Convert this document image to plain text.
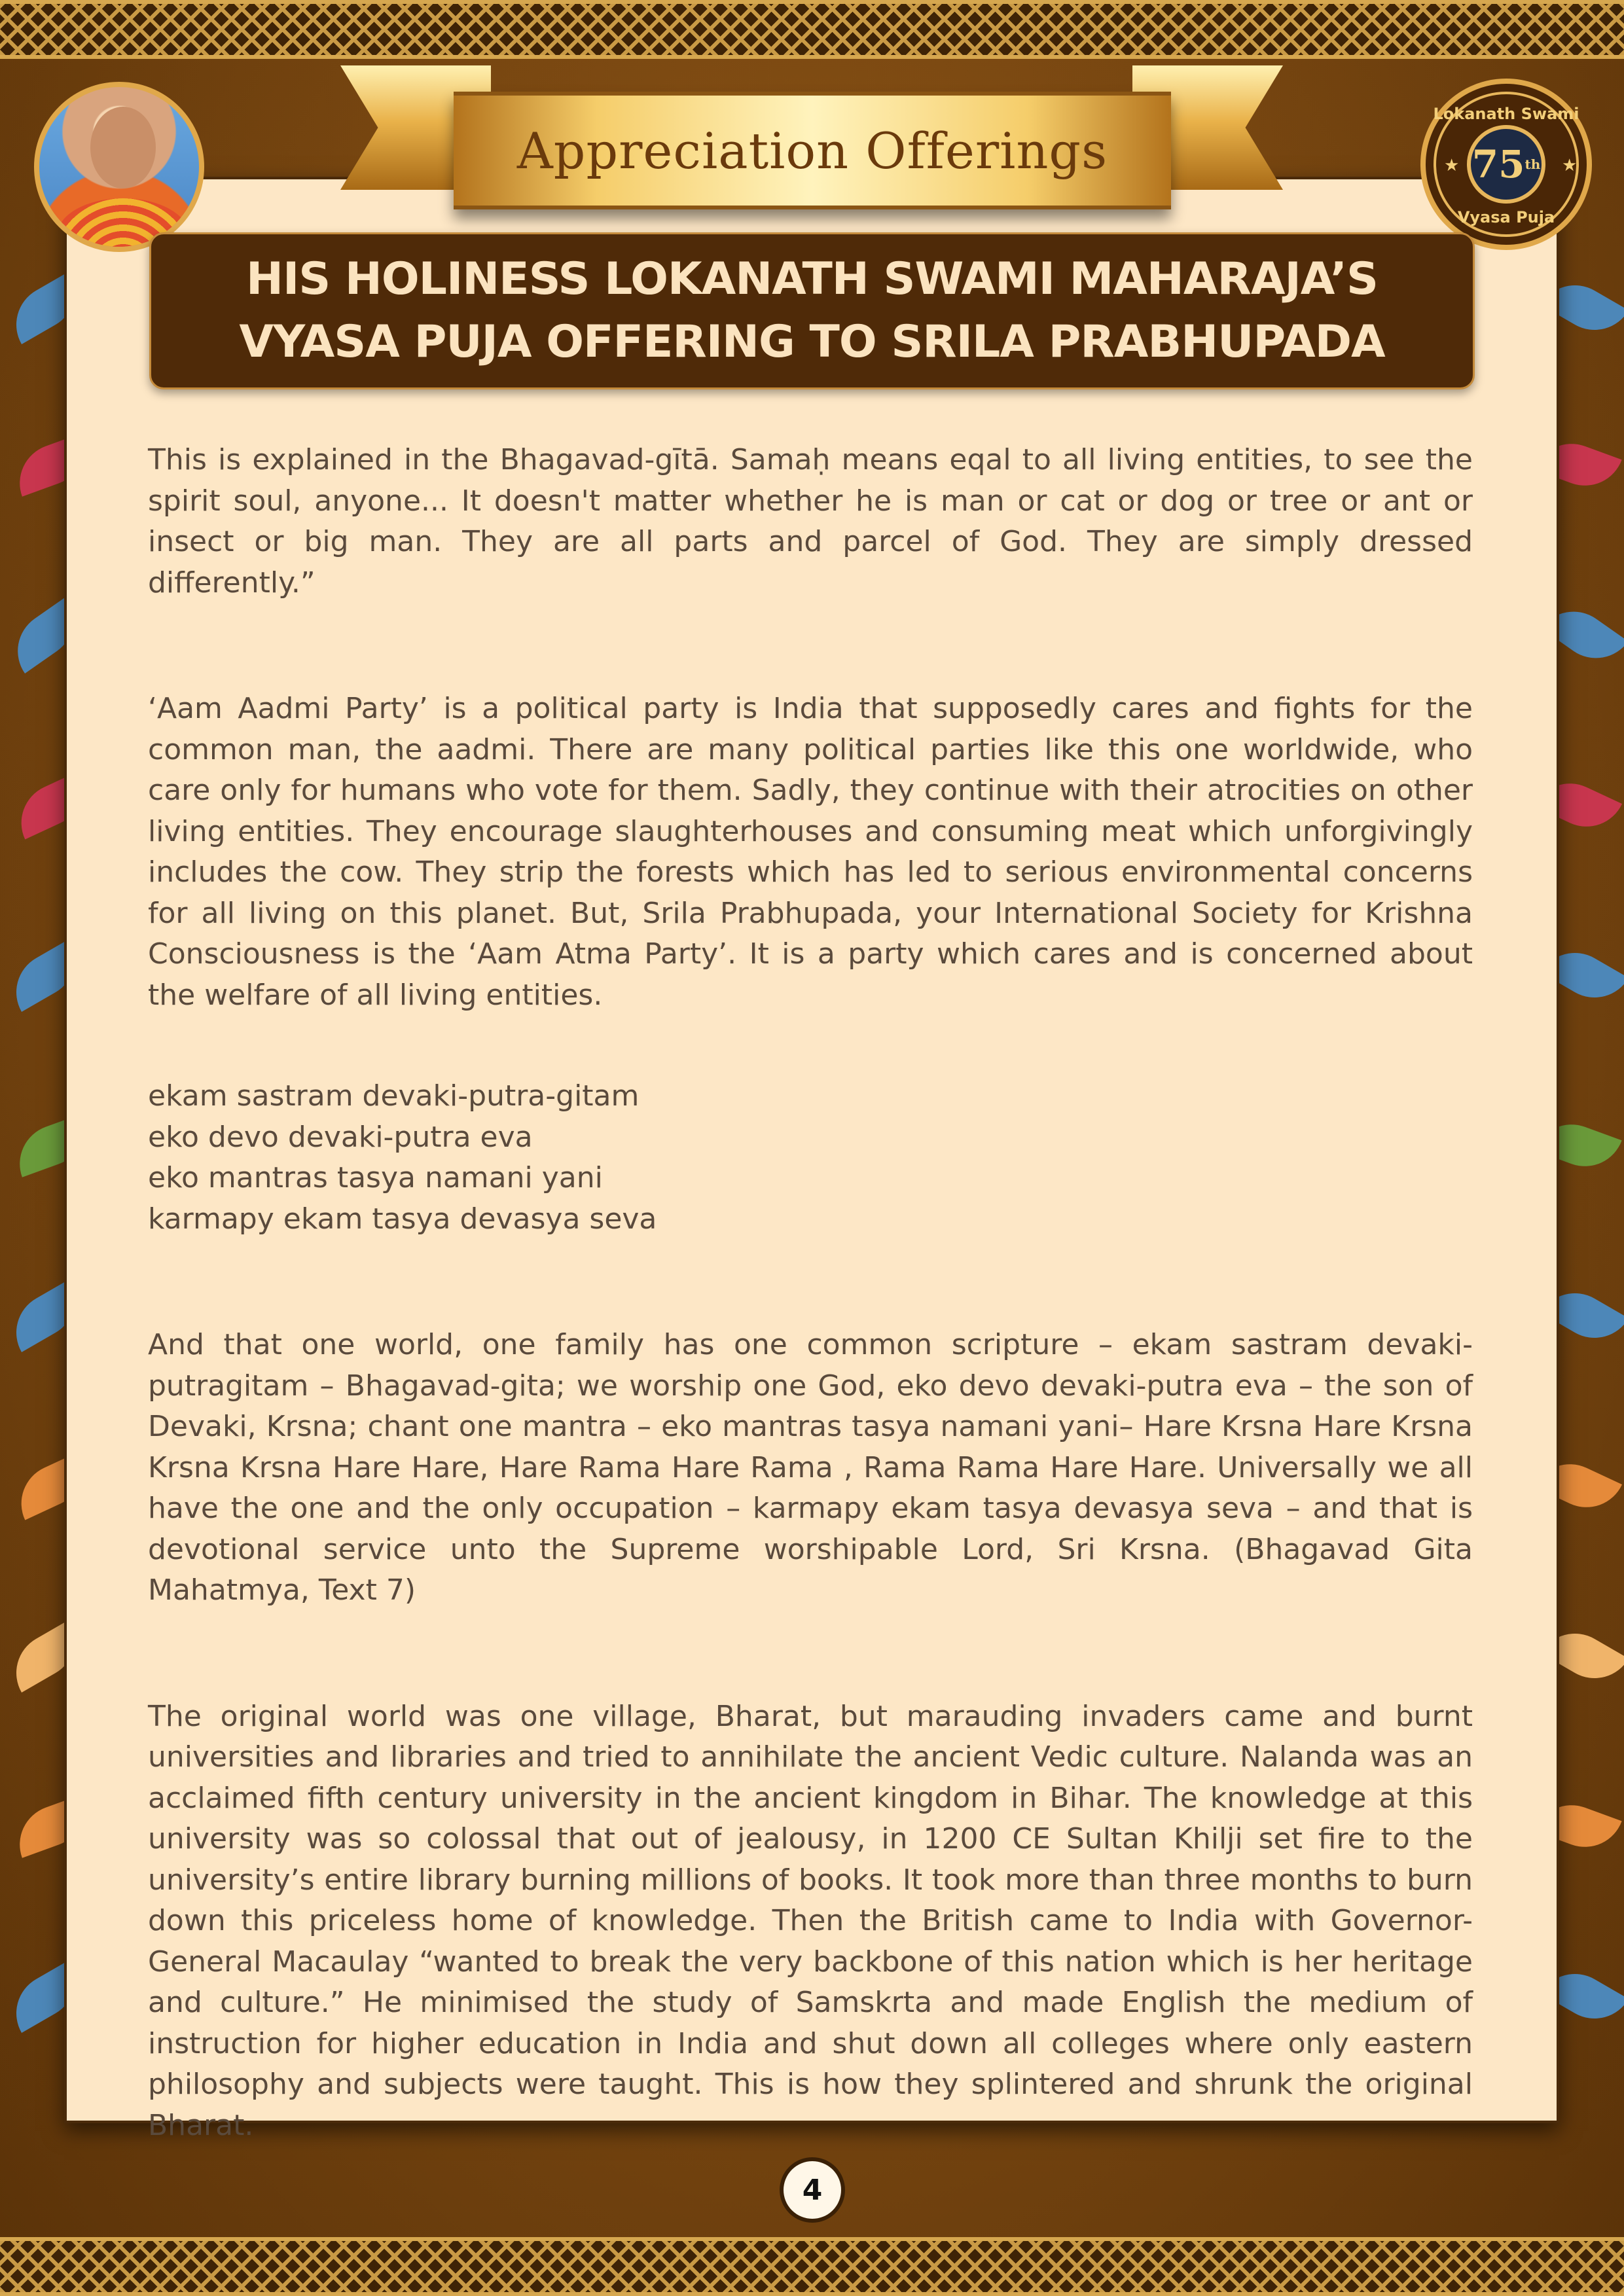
Appreciation Offerings
Lokanath Swami
★ 75 th ★
Vyasa Puja
HIS HOLINESS LOKANATH SWAMI MAHARAJA’S
VYASA PUJA OFFERING TO SRILA PRABHUPADA

This is explained in the Bhagavad-gītā. Samaḥ means eqal to all living entities, to see the spirit soul, anyone... It doesn't matter whether he is man or cat or dog or tree or ant or insect or big man. They are all parts and parcel of God. They are simply dressed differently.”

‘Aam Aadmi Party’ is a political party is India that supposedly cares and fights for the common man, the aadmi. There are many political parties like this one worldwide, who care only for humans who vote for them. Sadly, they continue with their atrocities on other living entities. They encourage slaughterhouses and consuming meat which unforgivingly includes the cow. They strip the forests which has led to serious environmental concerns for all living on this planet. But, Srila Prabhupada, your International Society for Krishna Consciousness is the ‘Aam Atma Party’. It is a party which cares and is concerned about the welfare of all living entities.

ekam sastram devaki-putra-gitam
eko devo devaki-putra eva
eko mantras tasya namani yani
karmapy ekam tasya devasya seva

And that one world, one family has one common scripture – ekam sastram devaki-putragitam – Bhagavad-gita; we worship one God, eko devo devaki-putra eva – the son of Devaki, Krsna; chant one mantra – eko mantras tasya namani yani– Hare Krsna Hare Krsna Krsna Krsna Hare Hare, Hare Rama Hare Rama , Rama Rama Hare Hare. Universally we all have the one and the only occupation – karmapy ekam tasya devasya seva – and that is devotional service unto the Supreme worshipable Lord, Sri Krsna. (Bhagavad Gita Mahatmya, Text 7)

The original world was one village, Bharat, but marauding invaders came and burnt universities and libraries and tried to annihilate the ancient Vedic culture. Nalanda was an acclaimed fifth century university in the ancient kingdom in Bihar. The knowledge at this university was so colossal that out of jealousy, in 1200 CE Sultan Khilji set fire to the university’s entire library burning millions of books. It took more than three months to burn down this priceless home of knowledge. Then the British came to India with Governor-General Macaulay “wanted to break the very backbone of this nation which is her heritage and culture.” He minimised the study of Samskrta and made English the medium of instruction for higher education in India and shut down all colleges where only eastern philosophy and subjects were taught. This is how they splintered and shrunk the original Bharat.

4
